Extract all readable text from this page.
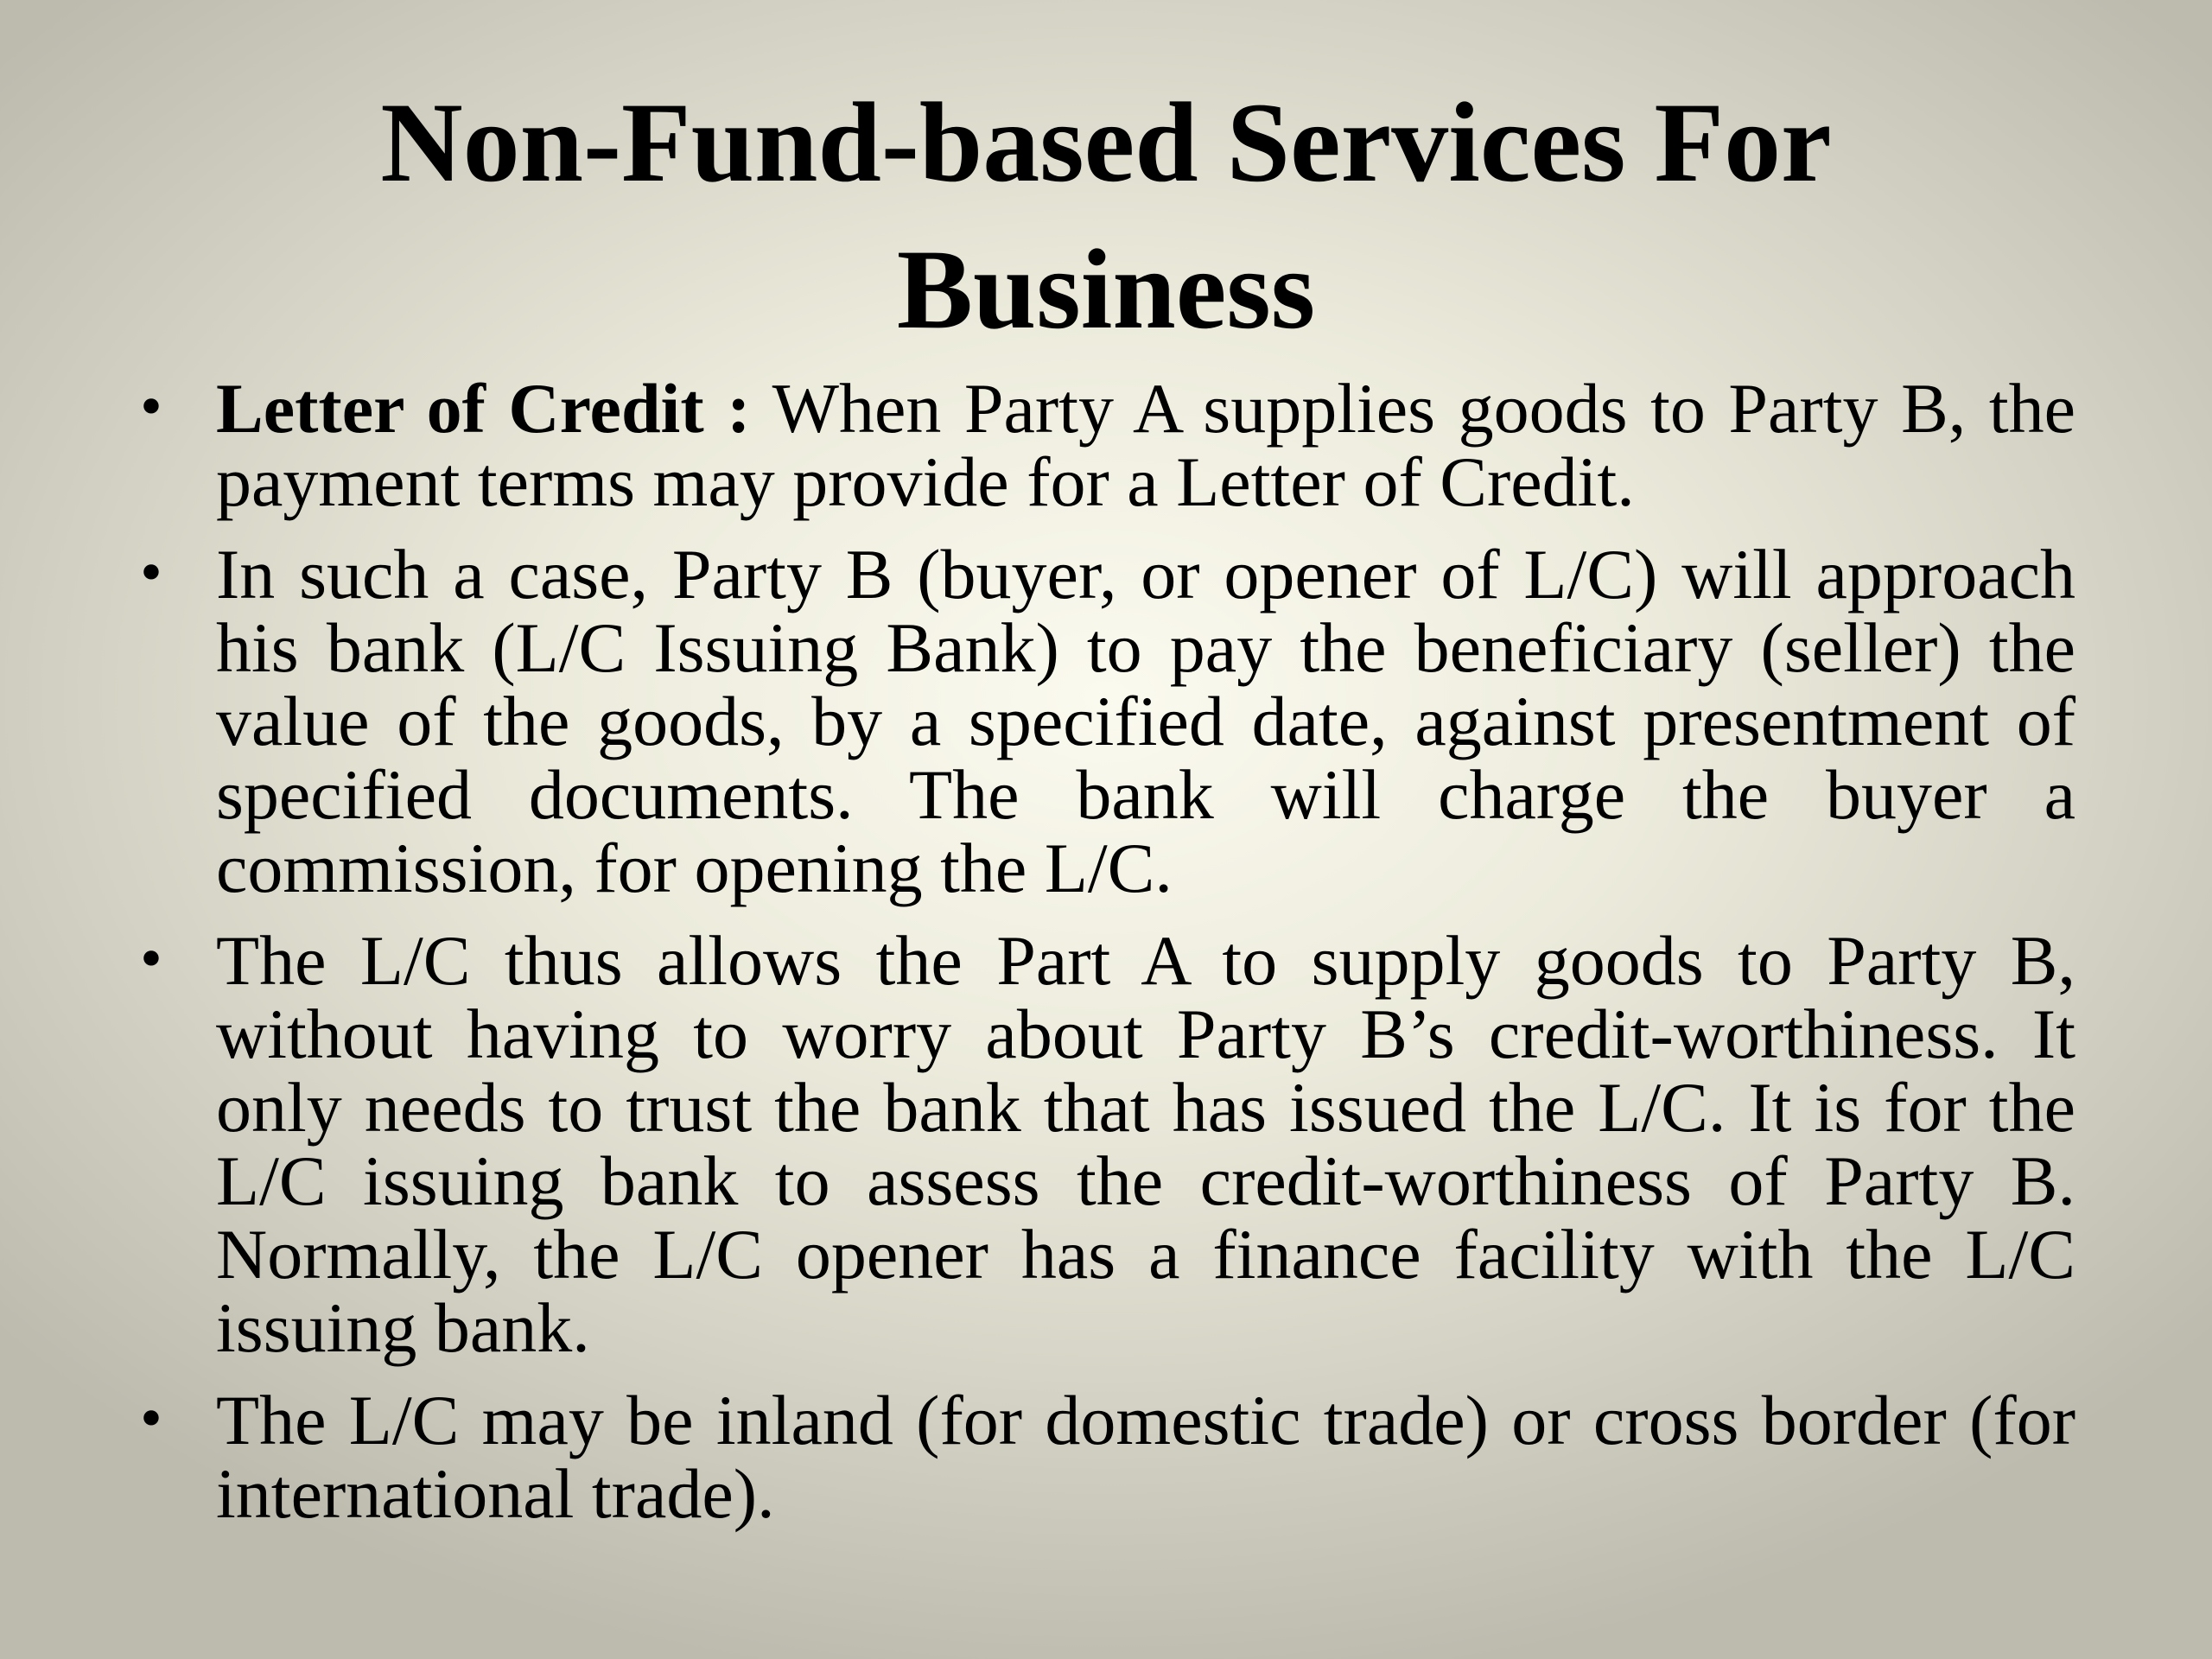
Non-Fund-based Services For
Business
• Letter of Credit : When Party A supplies goods to Party B, the payment terms may provide for a Letter of Credit.
• In such a case, Party B (buyer, or opener of L/C) will approach his bank (L/C Issuing Bank) to pay the beneficiary (seller) the value of the goods, by a specified date, against presentment of specified documents. The bank will charge the buyer a commission, for opening the L/C.
• The L/C thus allows the Part A to supply goods to Party B, without having to worry about Party B’s credit-worthiness. It only needs to trust the bank that has issued the L/C. It is for the L/C issuing bank to assess the credit-worthiness of Party B. Normally, the L/C opener has a finance facility with the L/C issuing bank.
• The L/C may be inland (for domestic trade) or cross border (for international trade).
